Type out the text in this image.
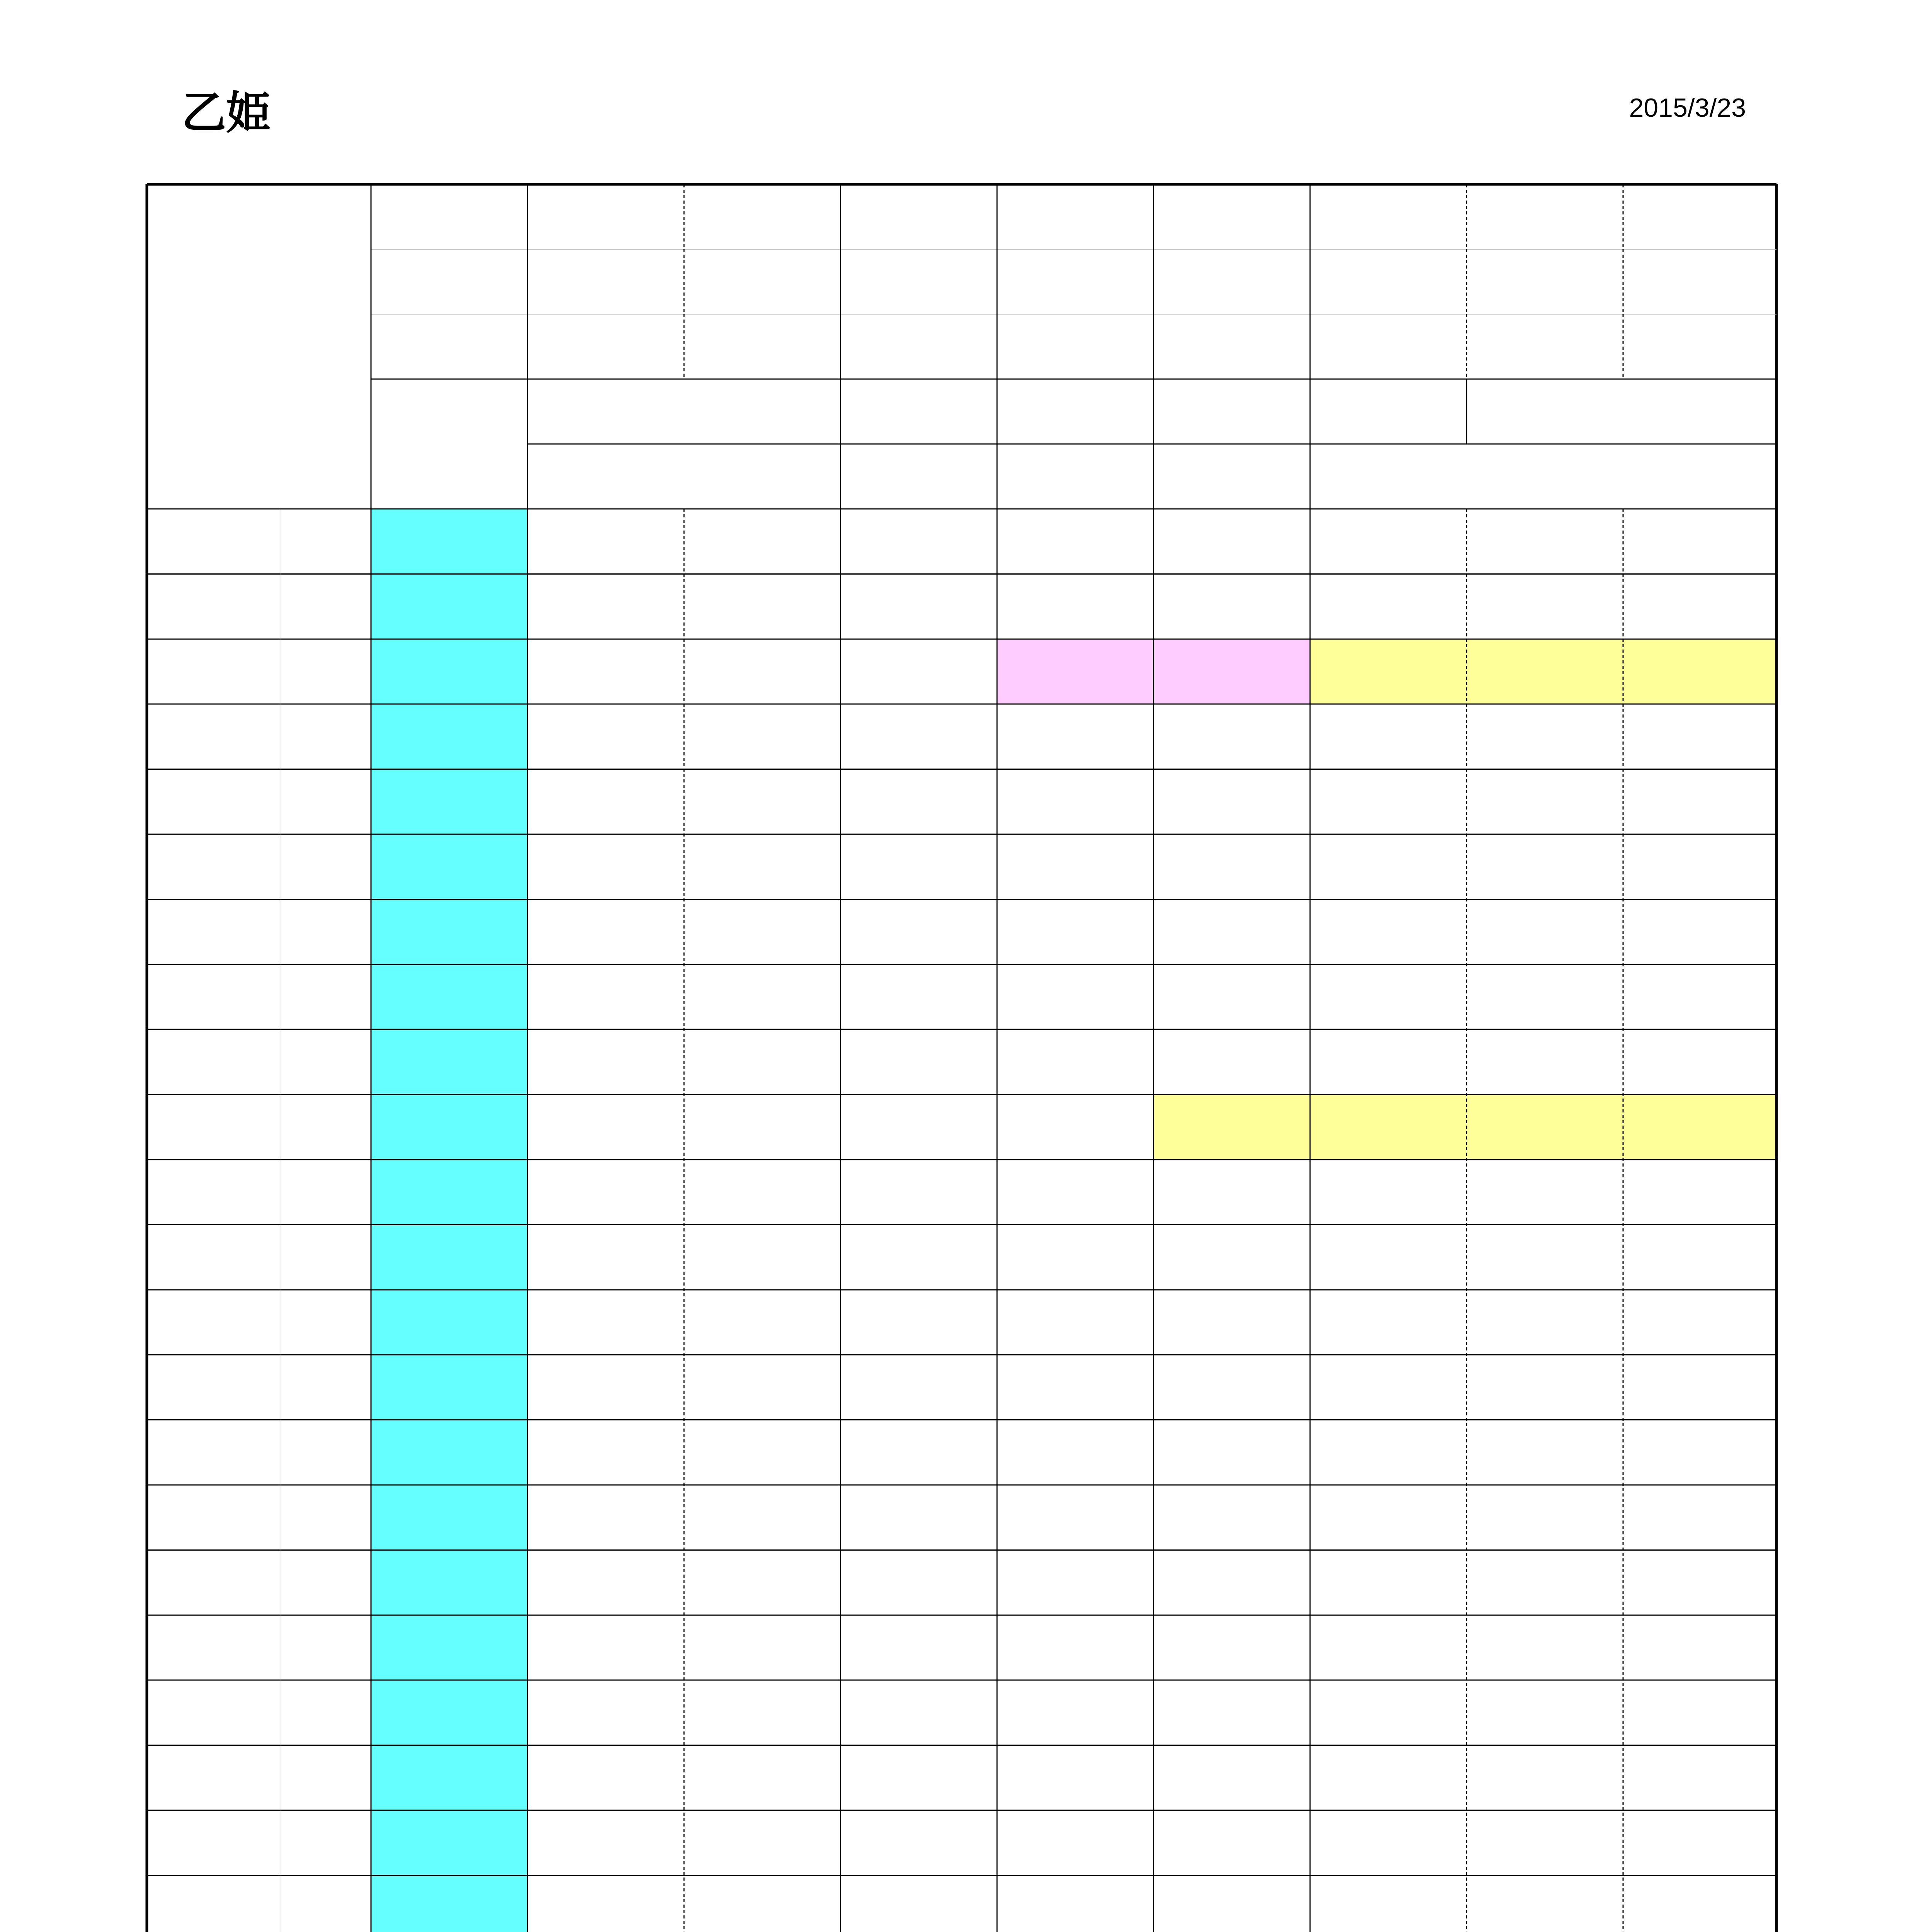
乙姫	2015/3/23
